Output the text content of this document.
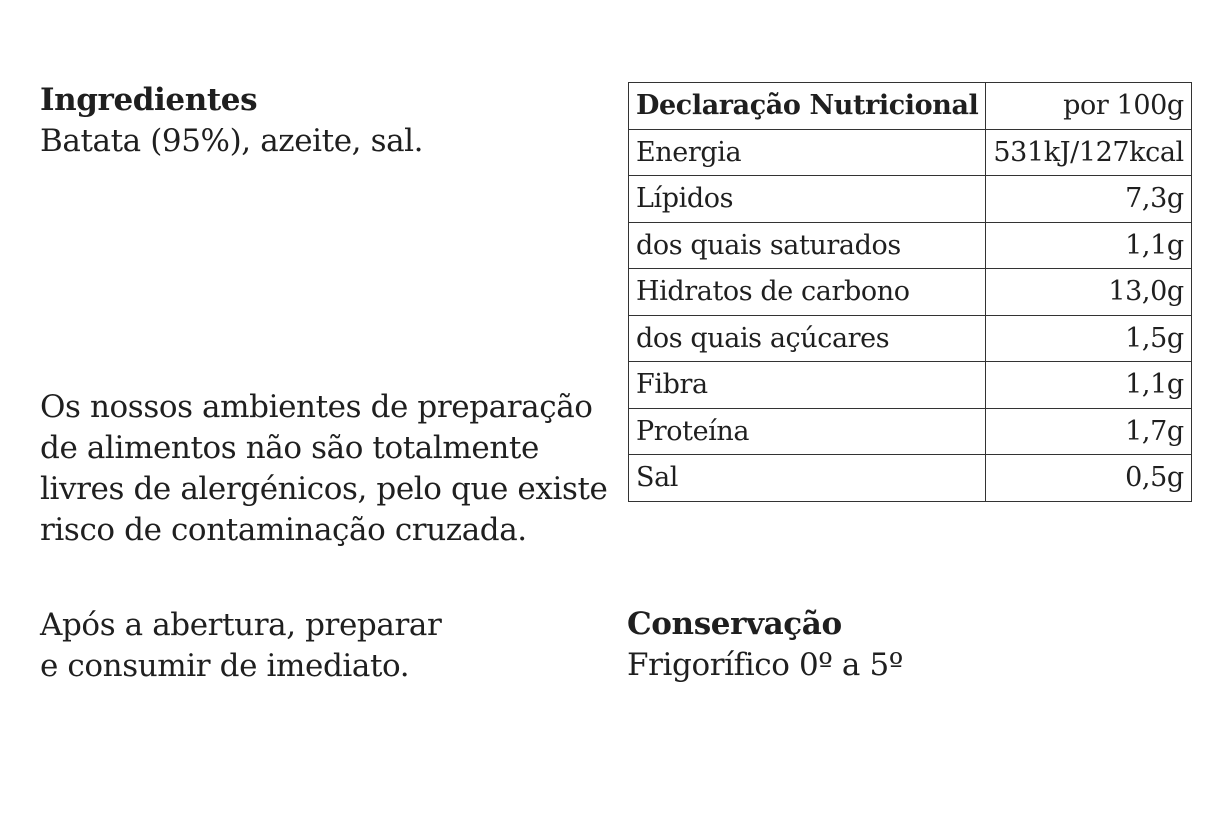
Ingredientes
Batata (95%), azeite, sal.
Os nossos ambientes de preparação
de alimentos não são totalmente
livres de alergénicos, pelo que existe
risco de contaminação cruzada.
Após a abertura, preparar
e consumir de imediato.
Conservação
Frigorífico 0º a 5º
Declaração Nutricional	por 100g
Energia	531kJ/127kcal
Lípidos	7,3g
dos quais saturados	1,1g
Hidratos de carbono	13,0g
dos quais açúcares	1,5g
Fibra	1,1g
Proteína	1,7g
Sal	0,5g
